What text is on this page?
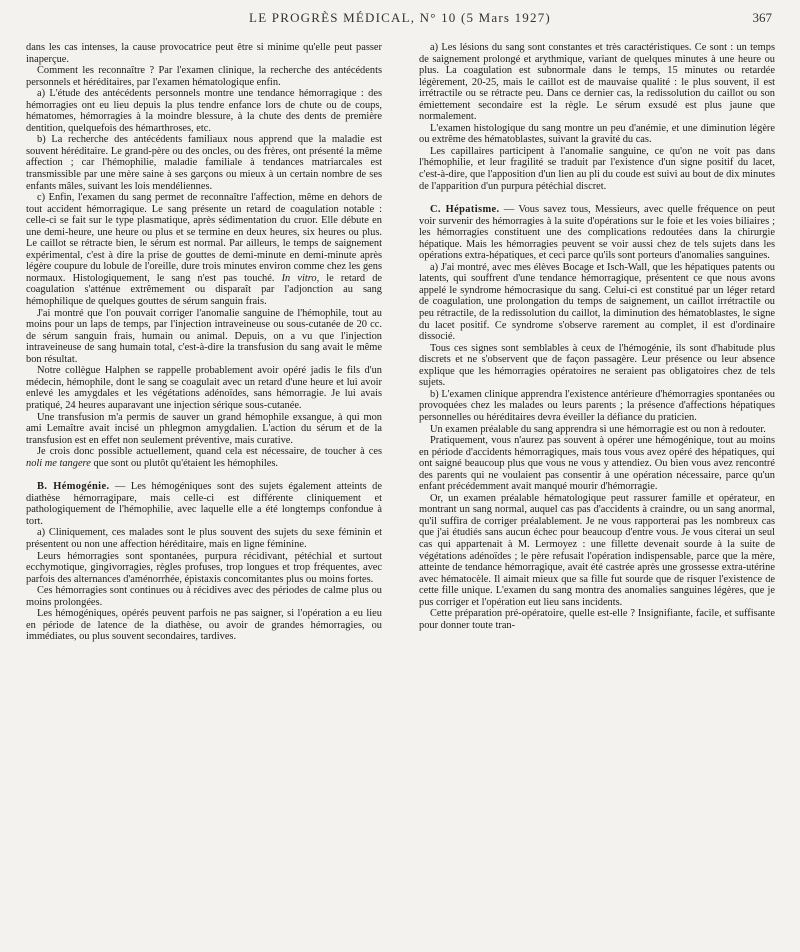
LE PROGRÈS MÉDICAL, N° 10 (5 Mars 1927)	367

dans les cas intenses, la cause provocatrice peut être si minime qu'elle peut passer inaperçue.

Comment les reconnaître ? Par l'examen clinique, la recherche des antécédents personnels et héréditaires, par l'examen hématologique enfin.

a) L'étude des antécédents personnels montre une tendance hémorragique : des hémorragies ont eu lieu depuis la plus tendre enfance lors de chute ou de coups, hématomes, hémorragies à la moindre blessure, à la chute des dents de première dentition, quelquefois des hémarthroses, etc.

b) La recherche des antécédents familiaux nous apprend que la maladie est souvent héréditaire. Le grand-père ou des oncles, ou des frères, ont présenté la même affection ; car l'hémophilie, maladie familiale à tendances matriarcales est transmissible par une mère saine à ses garçons ou mieux à un certain nombre de ses enfants mâles, suivant les lois mendéliennes.

c) Enfin, l'examen du sang permet de reconnaître l'affection, même en dehors de tout accident hémorragique. Le sang présente un retard de coagulation notable : celle-ci se fait sur le type plasmatique, après sédimentation du cruor. Elle débute en une demi-heure, une heure ou plus et se termine en deux heures, six heures ou plus. Le caillot se rétracte bien, le sérum est normal. Par ailleurs, le temps de saignement expérimental, c'est à dire la prise de gouttes de demi-minute en demi-minute après légère coupure du lobule de l'oreille, dure trois minutes environ comme chez les gens normaux. Histologiquement, le sang n'est pas touché. In vitro, le retard de coagulation s'atténue extrêmement ou disparaît par l'adjonction au sang hémophilique de quelques gouttes de sérum sanguin frais.

J'ai montré que l'on pouvait corriger l'anomalie sanguine de l'hémophile, tout au moins pour un laps de temps, par l'injection intraveineuse ou sous-cutanée de 20 cc. de sérum sanguin frais, humain ou animal. Depuis, on a vu que l'injection intraveineuse de sang humain total, c'est-à-dire la transfusion du sang avait le même bon résultat.

Notre collègue Halphen se rappelle probablement avoir opéré jadis le fils d'un médecin, hémophile, dont le sang se coagulait avec un retard d'une heure et lui avoir enlevé les amygdales et les végétations adénoïdes, sans hémorragie. Je lui avais pratiqué, 24 heures auparavant une injection sérique sous-cutanée.

Une transfusion m'a permis de sauver un grand hémophile exsangue, à qui mon ami Lemaître avait incisé un phlegmon amygdalien. L'action du sérum et de la transfusion est en effet non seulement préventive, mais curative.

Je crois donc possible actuellement, quand cela est nécessaire, de toucher à ces noli me tangere que sont ou plutôt qu'étaient les hémophiles.

B. Hémogénie. — Les hémogéniques sont des sujets également atteints de diathèse hémorragipare, mais celle-ci est différente cliniquement et pathologiquement de l'hémophilie, avec laquelle elle a été longtemps confondue à tort.

a) Cliniquement, ces malades sont le plus souvent des sujets du sexe féminin et présentent ou non une affection héréditaire, mais en ligne féminine.

Leurs hémorragies sont spontanées, purpura récidivant, pétéchial et surtout ecchymotique, gingivorragies, règles profuses, trop longues et trop fréquentes, avec parfois des alternances d'aménorrhée, épistaxis concomitantes plus ou moins fortes.

Ces hémorragies sont continues ou à récidives avec des périodes de calme plus ou moins prolongées.

Les hémogéniques, opérés peuvent parfois ne pas saigner, si l'opération a eu lieu en période de latence de la diathèse, ou avoir de grandes hémorragies, ou immédiates, ou plus souvent secondaires, tardives.

a) Les lésions du sang sont constantes et très caractéristiques. Ce sont : un temps de saignement prolongé et arythmique, variant de quelques minutes à une heure ou plus. La coagulation est subnormale dans le temps, 15 minutes ou retardée légèrement, 20-25, mais le caillot est de mauvaise qualité : le plus souvent, il est irrétractile ou se rétracte peu. Dans ce dernier cas, la redissolution du caillot ou son émiettement secondaire est la règle. Le sérum exsudé est plus jaune que normalement.

L'examen histologique du sang montre un peu d'anémie, et une diminution légère ou extrême des hématoblastes, suivant la gravité du cas.

Les capillaires participent à l'anomalie sanguine, ce qu'on ne voit pas dans l'hémophilie, et leur fragilité se traduit par l'existence d'un signe positif du lacet, c'est-à-dire, que l'apposition d'un lien au pli du coude est suivi au bout de dix minutes de l'apparition d'un purpura pétéchial discret.

C. Hépatisme. — Vous savez tous, Messieurs, avec quelle fréquence on peut voir survenir des hémorragies à la suite d'opérations sur le foie et les voies biliaires ; les hémorragies constituent une des complications redoutées dans la chirurgie hépatique. Mais les hémorragies peuvent se voir aussi chez de tels sujets dans les opérations extra-hépatiques, et ceci parce qu'ils sont porteurs d'anomalies sanguines.

a) J'ai montré, avec mes élèves Bocage et Isch-Wall, que les hépatiques patents ou latents, qui souffrent d'une tendance hémorragique, présentent ce que nous avons appelé le syndrome hémocrasique du sang. Celui-ci est constitué par un léger retard de coagulation, une prolongation du temps de saignement, un caillot irrétractile ou peu rétractile, de la redissolution du caillot, la diminution des hématoblastes, le signe du lacet positif. Ce syndrome s'observe rarement au complet, il est d'ordinaire dissocié.

Tous ces signes sont semblables à ceux de l'hémogénie, ils sont d'habitude plus discrets et ne s'observent que de façon passagère. Leur présence ou leur absence explique que les hémorragies opératoires ne seraient pas obligatoires chez de tels sujets.

b) L'examen clinique apprendra l'existence antérieure d'hémorragies spontanées ou provoquées chez les malades ou leurs parents ; la présence d'affections hépatiques personnelles ou héréditaires devra éveiller la défiance du praticien.

Un examen préalable du sang apprendra si une hémorragie est ou non à redouter.

Pratiquement, vous n'aurez pas souvent à opérer une hémogénique, tout au moins en période d'accidents hémorragiques, mais tous vous avez opéré des hépatiques, qui ont saigné beaucoup plus que vous ne vous y attendiez. Ou bien vous avez rencontré des parents qui ne voulaient pas consentir à une opération nécessaire, parce qu'un enfant précédemment avait manqué mourir d'hémorragie.

Or, un examen préalable hématologique peut rassurer famille et opérateur, en montrant un sang normal, auquel cas pas d'accidents à craindre, ou un sang anormal, qu'il suffira de corriger préalablement. Je ne vous rapporterai pas les nombreux cas que j'ai étudiés sans aucun échec pour beaucoup d'entre vous. Je vous citerai un seul cas qui appartenait à M. Lermoyez : une fillette devenait sourde à la suite de végétations adénoïdes ; le père refusait l'opération indispensable, parce que la mère, atteinte de tendance hémorragique, avait été castrée après une grossesse extra-utérine avec hématocèle. Il aimait mieux que sa fille fut sourde que de risquer l'existence de cette fille unique. L'examen du sang montra des anomalies sanguines légères, que je pus corriger et l'opération eut lieu sans incidents.

Cette préparation pré-opératoire, quelle est-elle ? Insignifiante, facile, et suffisante pour donner toute tran-
